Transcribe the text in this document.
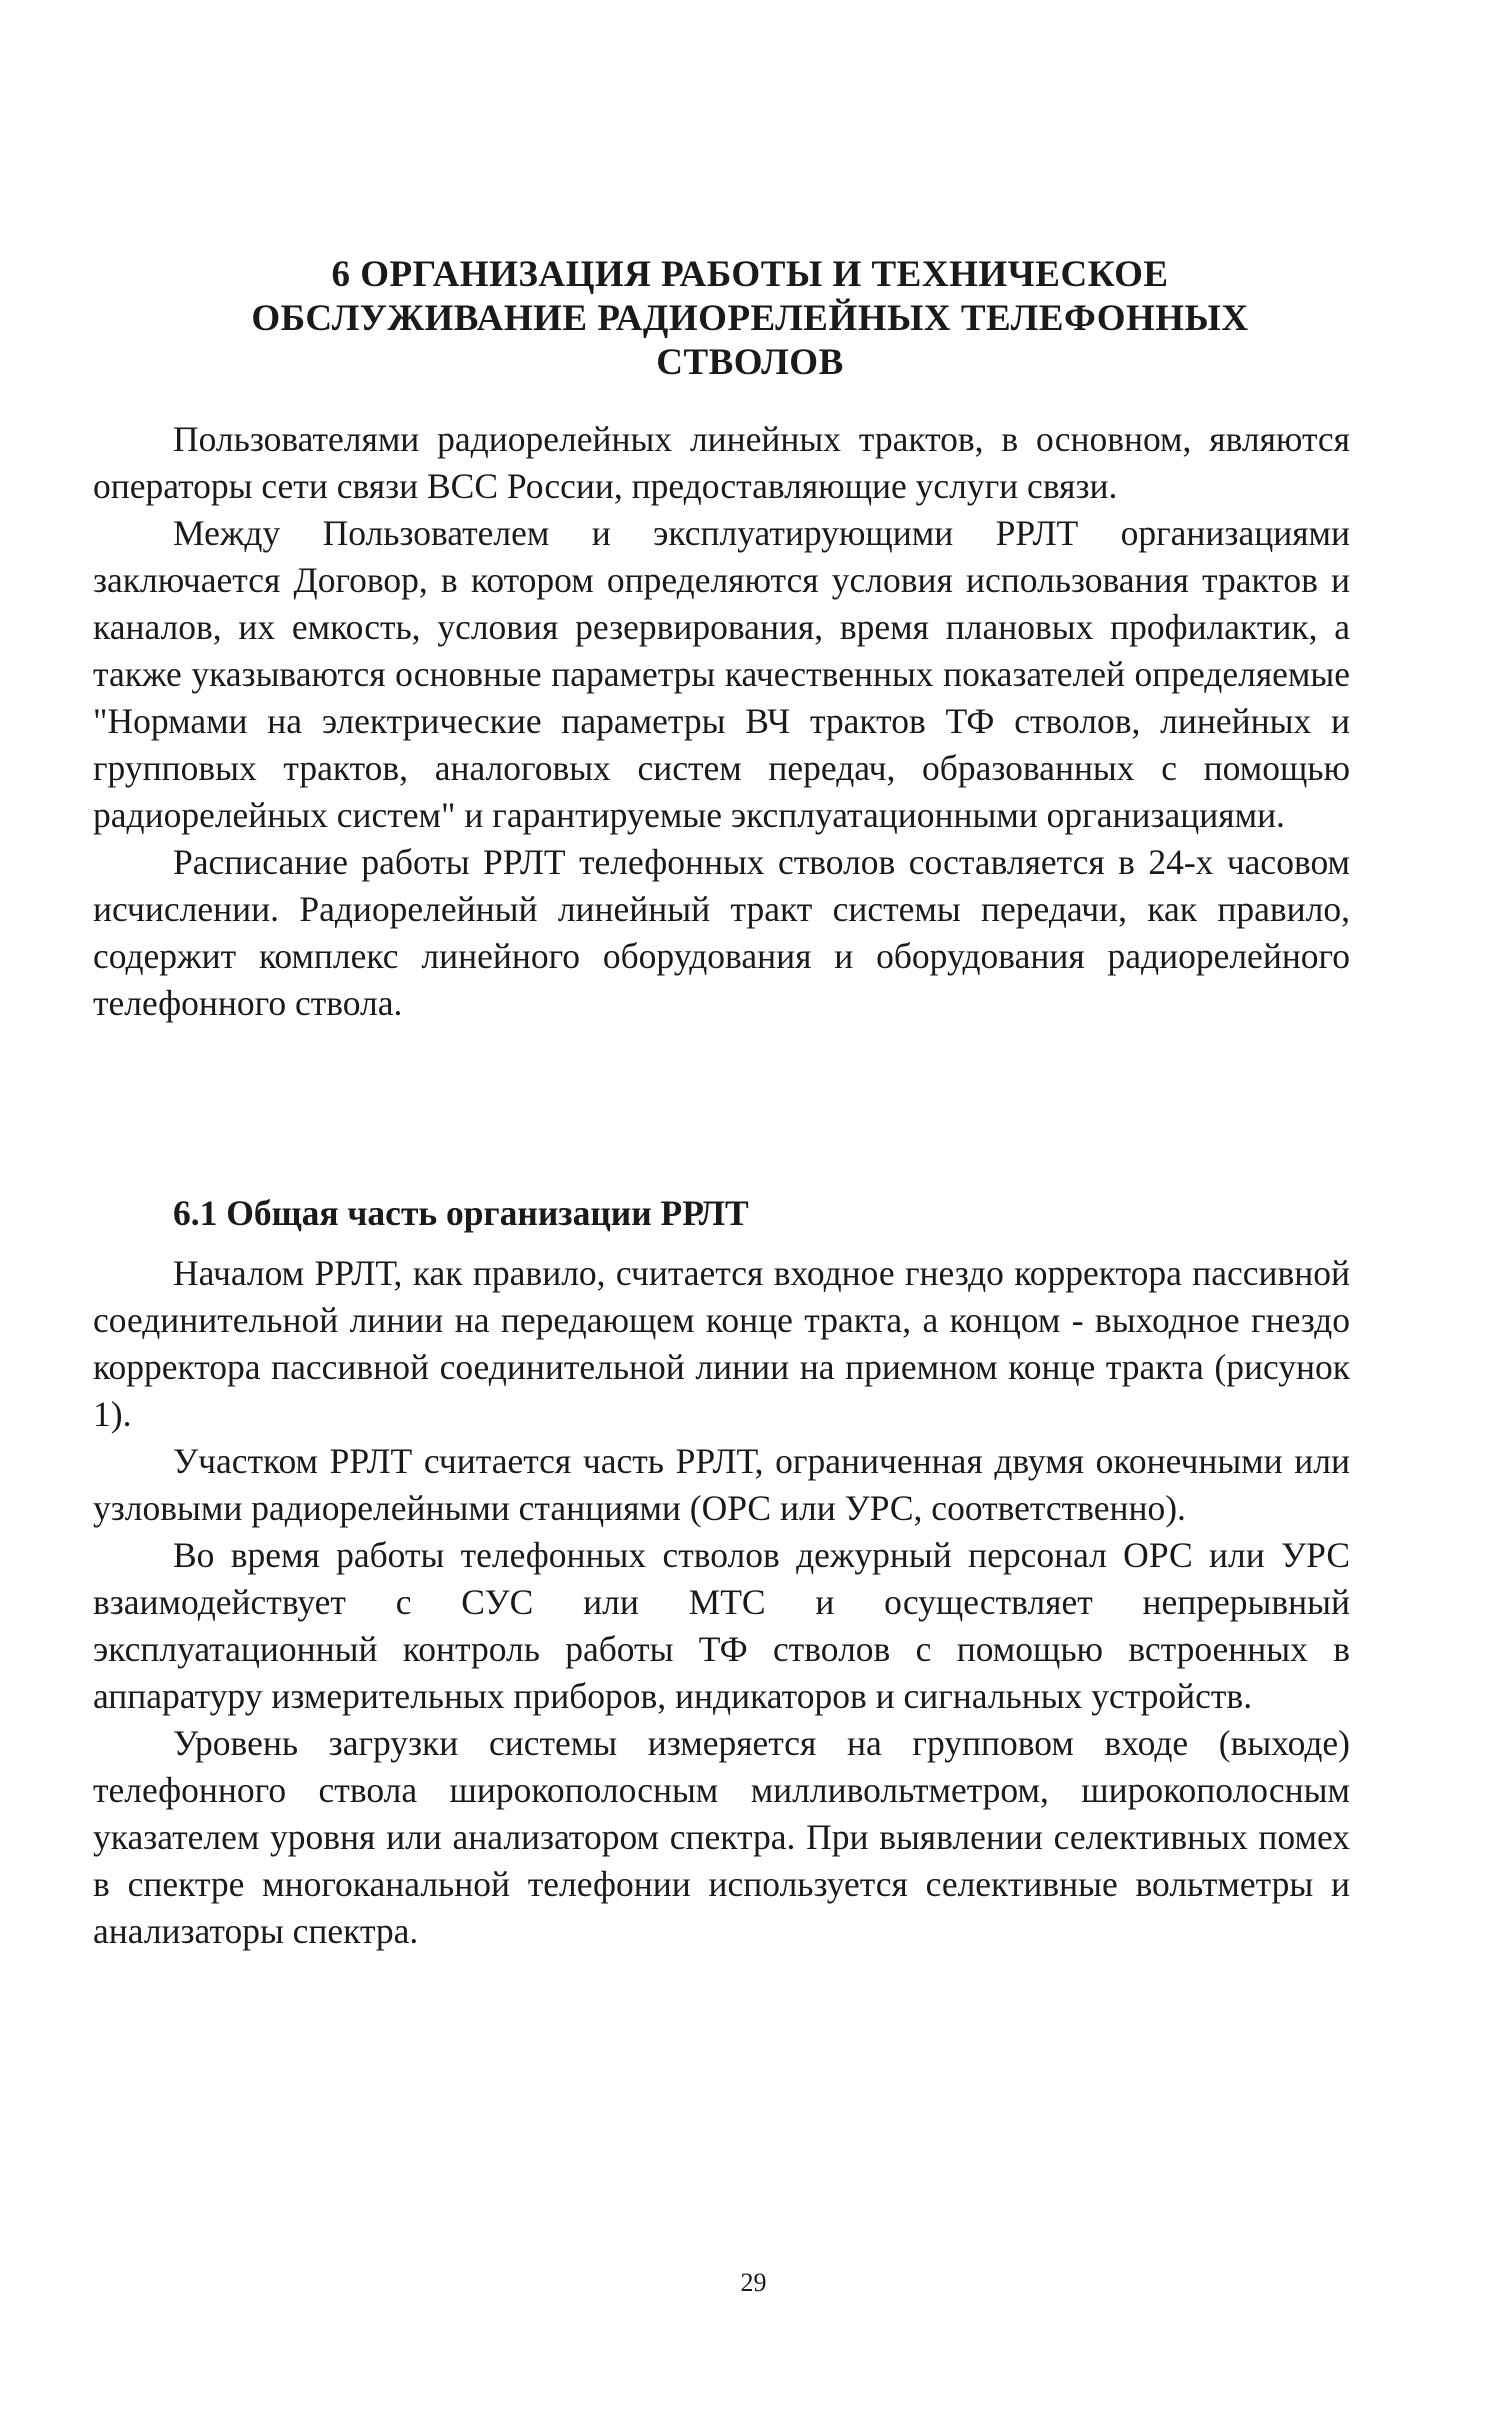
6 ОРГАНИЗАЦИЯ РАБОТЫ И ТЕХНИЧЕСКОЕ
ОБСЛУЖИВАНИЕ РАДИОРЕЛЕЙНЫХ ТЕЛЕФОННЫХ
СТВОЛОВ

Пользователями радиорелейных линейных трактов, в основном, являются операторы сети связи ВСС России, предоставляющие услуги связи.

Между Пользователем и эксплуатирующими РРЛТ организациями заключается Договор, в котором определяются условия использования трактов и каналов, их емкость, условия резервирования, время плановых профилактик, а также указываются основные параметры качественных показателей определяемые "Нормами на электрические параметры ВЧ трактов ТФ стволов, линейных и групповых трактов, аналоговых систем передач, образованных с помощью радиорелейных систем" и гарантируемые эксплуатационными организациями.

Расписание работы РРЛТ телефонных стволов составляется в 24-х часовом исчислении. Радиорелейный линейный тракт системы передачи, как правило, содержит комплекс линейного оборудования и оборудования радиорелейного телефонного ствола.

6.1 Общая часть организации РРЛТ

Началом РРЛТ, как правило, считается входное гнездо корректора пассивной соединительной линии на передающем конце тракта, а концом - выходное гнездо корректора пассивной соединительной линии на приемном конце тракта (рисунок 1).

Участком РРЛТ считается часть РРЛТ, ограниченная двумя оконечными или узловыми радиорелейными станциями (ОРС или УРС, соответственно).

Во время работы телефонных стволов дежурный персонал ОРС или УРС взаимодействует с СУС или МТС и осуществляет непрерывный эксплуатационный контроль работы ТФ стволов с помощью встроенных в аппаратуру измерительных приборов, индикаторов и сигнальных устройств.

Уровень загрузки системы измеряется на групповом входе (выходе) телефонного ствола широкополосным милливольтметром, широкополосным указателем уровня или анализатором спектра. При выявлении селективных помех в спектре многоканальной телефонии используется селективные вольтметры и анализаторы спектра.

29
